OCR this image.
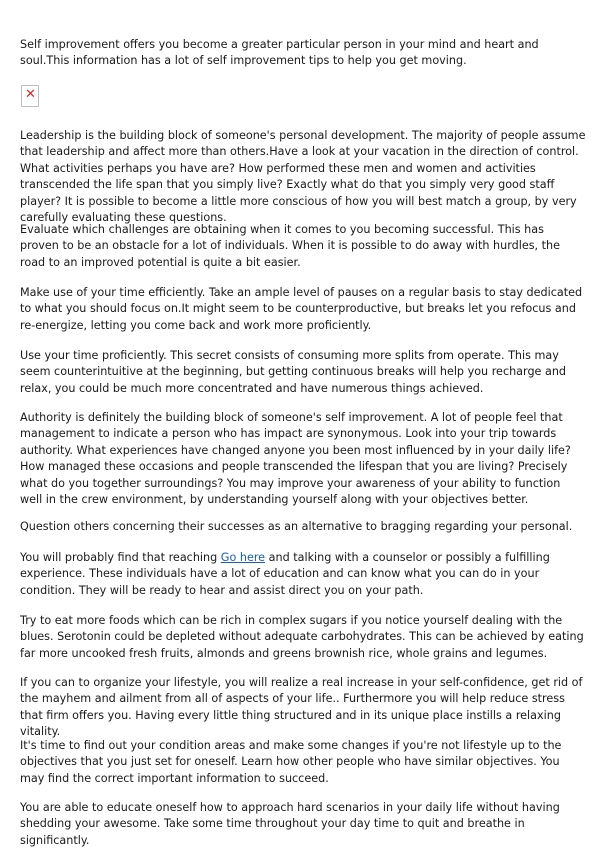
Self improvement offers you become a greater particular person in your mind and heart and soul.This information has a lot of self improvement tips to help you get moving.

✕

Leadership is the building block of someone's personal development. The majority of people assume that leadership and affect more than others.Have a look at your vacation in the direction of control. What activities perhaps you have are? How performed these men and women and activities transcended the life span that you simply live? Exactly what do that you simply very good staff player? It is possible to become a little more conscious of how you will best match a group, by very carefully evaluating these questions.

Evaluate which challenges are obtaining when it comes to you becoming successful. This has proven to be an obstacle for a lot of individuals. When it is possible to do away with hurdles, the road to an improved potential is quite a bit easier.

Make use of your time efficiently. Take an ample level of pauses on a regular basis to stay dedicated to what you should focus on.It might seem to be counterproductive, but breaks let you refocus and re-energize, letting you come back and work more proficiently.

Use your time proficiently. This secret consists of consuming more splits from operate. This may seem counterintuitive at the beginning, but getting continuous breaks will help you recharge and relax, you could be much more concentrated and have numerous things achieved.

Authority is definitely the building block of someone's self improvement. A lot of people feel that management to indicate a person who has impact are synonymous. Look into your trip towards authority. What experiences have changed anyone you been most influenced by in your daily life? How managed these occasions and people transcended the lifespan that you are living? Precisely what do you together surroundings? You may improve your awareness of your ability to function well in the crew environment, by understanding yourself along with your objectives better.

Question others concerning their successes as an alternative to bragging regarding your personal.

You will probably find that reaching Go here and talking with a counselor or possibly a fulfilling experience. These individuals have a lot of education and can know what you can do in your condition. They will be ready to hear and assist direct you on your path.

Try to eat more foods which can be rich in complex sugars if you notice yourself dealing with the blues. Serotonin could be depleted without adequate carbohydrates. This can be achieved by eating far more uncooked fresh fruits, almonds and greens brownish rice, whole grains and legumes.

If you can to organize your lifestyle, you will realize a real increase in your self-confidence, get rid of the mayhem and ailment from all of aspects of your life.. Furthermore you will help reduce stress that firm offers you. Having every little thing structured and in its unique place instills a relaxing vitality.

It's time to find out your condition areas and make some changes if you're not lifestyle up to the objectives that you just set for oneself. Learn how other people who have similar objectives. You may find the correct important information to succeed.

You are able to educate oneself how to approach hard scenarios in your daily life without having shedding your awesome. Take some time throughout your day time to quit and breathe in significantly.
